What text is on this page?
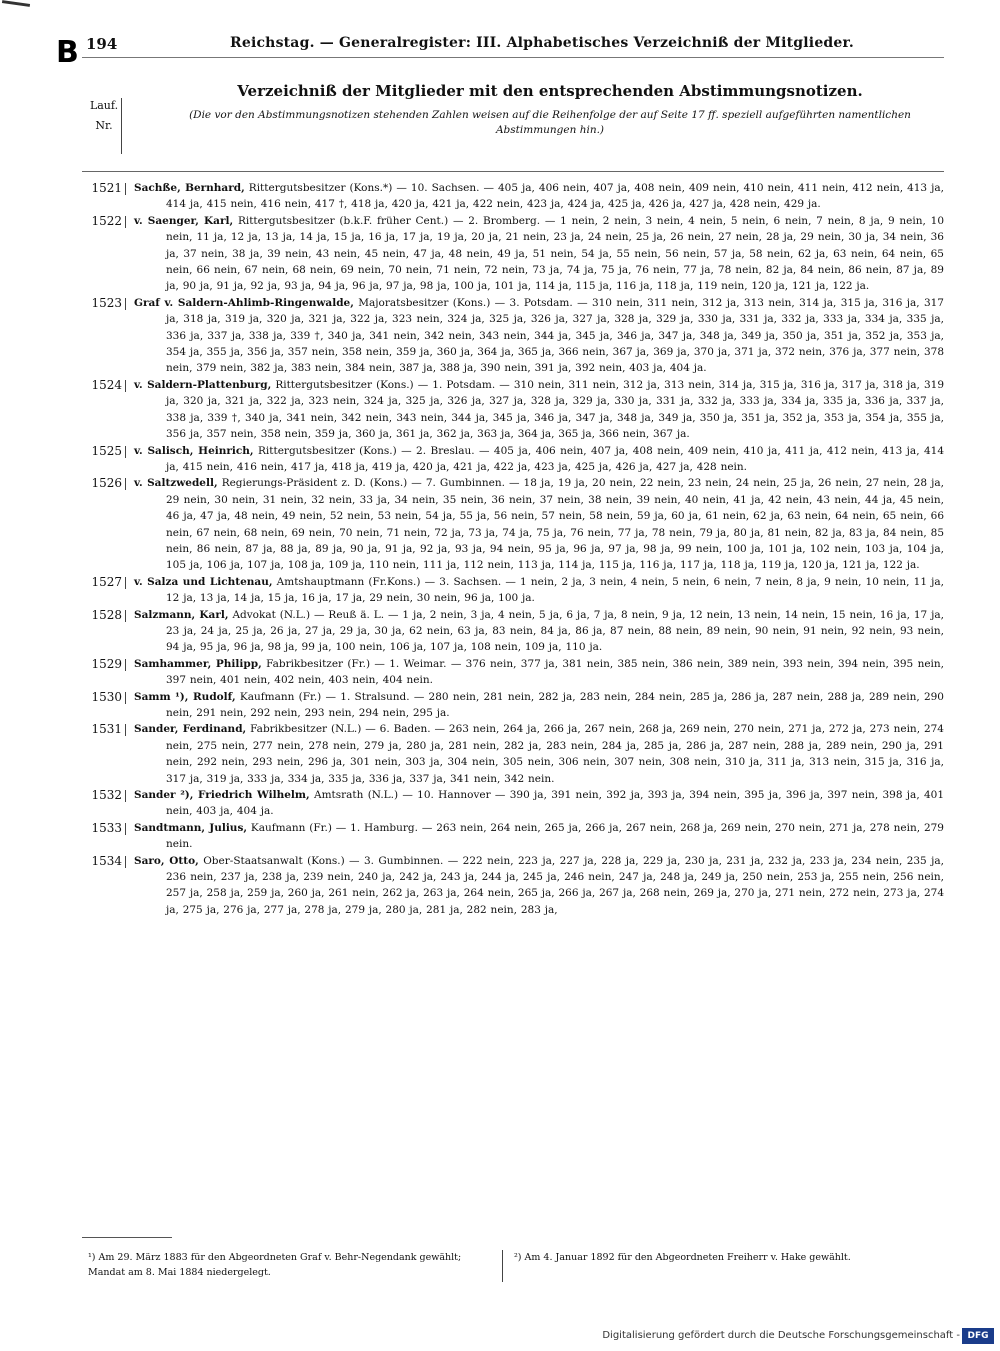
B 194	Reichstag. — Generalregister: III. Alphabetisches Verzeichniß der Mitglieder.
Lauf.
Nr.
Verzeichniß der Mitglieder mit den entsprechenden Abstimmungsnotizen.
(Die vor den Abstimmungsnotizen stehenden Zahlen weisen auf die Reihenfolge der auf Seite 17 ff. speziell aufgeführten namentlichen Abstimmungen hin.)
1521 Sachße, Bernhard, Rittergutsbesitzer (Kons.*) — 10. Sachsen. — 405 ja, 406 nein, 407 ja, 408 nein, 409 nein, 410 nein, 411 nein, 412 nein, 413 ja, 414 ja, 415 nein, 416 nein, 417 †, 418 ja, 420 ja, 421 ja, 422 nein, 423 ja, 424 ja, 425 ja, 426 ja, 427 ja, 428 nein, 429 ja.
1522 v. Saenger, Karl, Rittergutsbesitzer (b.k.F. früher Cent.) — 2. Bromberg. — 1 nein, 2 nein, 3 nein, 4 nein, 5 nein, 6 nein, 7 nein, 8 ja, 9 nein, 10 nein, 11 ja, 12 ja, 13 ja, 14 ja, 15 ja, 16 ja, 17 ja, 19 ja, 20 ja, 21 nein, 23 ja, 24 nein, 25 ja, 26 nein, 27 nein, 28 ja, 29 nein, 30 ja, 34 nein, 36 ja, 37 nein, 38 ja, 39 nein, 43 nein, 45 nein, 47 ja, 48 nein, 49 ja, 51 nein, 54 ja, 55 nein, 56 nein, 57 ja, 58 nein, 62 ja, 63 nein, 64 nein, 65 nein, 66 nein, 67 nein, 68 nein, 69 nein, 70 nein, 71 nein, 72 nein, 73 ja, 74 ja, 75 ja, 76 nein, 77 ja, 78 nein, 82 ja, 84 nein, 86 nein, 87 ja, 89 ja, 90 ja, 91 ja, 92 ja, 93 ja, 94 ja, 96 ja, 97 ja, 98 ja, 100 ja, 101 ja, 114 ja, 115 ja, 116 ja, 118 ja, 119 nein, 120 ja, 121 ja, 122 ja.
1523 Graf v. Saldern-Ahlimb-Ringenwalde, Majoratsbesitzer (Kons.) — 3. Potsdam. — 310 nein, 311 nein, 312 ja, 313 nein, 314 ja, 315 ja, 316 ja, 317 ja, 318 ja, 319 ja, 320 ja, 321 ja, 322 ja, 323 nein, 324 ja, 325 ja, 326 ja, 327 ja, 328 ja, 329 ja, 330 ja, 331 ja, 332 ja, 333 ja, 334 ja, 335 ja, 336 ja, 337 ja, 338 ja, 339 †, 340 ja, 341 nein, 342 nein, 343 nein, 344 ja, 345 ja, 346 ja, 347 ja, 348 ja, 349 ja, 350 ja, 351 ja, 352 ja, 353 ja, 354 ja, 355 ja, 356 ja, 357 nein, 358 nein, 359 ja, 360 ja, 364 ja, 365 ja, 366 nein, 367 ja, 369 ja, 370 ja, 371 ja, 372 nein, 376 ja, 377 nein, 378 nein, 379 nein, 382 ja, 383 nein, 384 nein, 387 ja, 388 ja, 390 nein, 391 ja, 392 nein, 403 ja, 404 ja.
1524 v. Saldern-Plattenburg, Rittergutsbesitzer (Kons.) — 1. Potsdam. — 310 nein, 311 nein, 312 ja, 313 nein, 314 ja, 315 ja, 316 ja, 317 ja, 318 ja, 319 ja, 320 ja, 321 ja, 322 ja, 323 nein, 324 ja, 325 ja, 326 ja, 327 ja, 328 ja, 329 ja, 330 ja, 331 ja, 332 ja, 333 ja, 334 ja, 335 ja, 336 ja, 337 ja, 338 ja, 339 †, 340 ja, 341 nein, 342 nein, 343 nein, 344 ja, 345 ja, 346 ja, 347 ja, 348 ja, 349 ja, 350 ja, 351 ja, 352 ja, 353 ja, 354 ja, 355 ja, 356 ja, 357 nein, 358 nein, 359 ja, 360 ja, 361 ja, 362 ja, 363 ja, 364 ja, 365 ja, 366 nein, 367 ja.
1525 v. Salisch, Heinrich, Rittergutsbesitzer (Kons.) — 2. Breslau. — 405 ja, 406 nein, 407 ja, 408 nein, 409 nein, 410 ja, 411 ja, 412 nein, 413 ja, 414 ja, 415 nein, 416 nein, 417 ja, 418 ja, 419 ja, 420 ja, 421 ja, 422 ja, 423 ja, 425 ja, 426 ja, 427 ja, 428 nein.
1526 v. Saltzwedell, Regierungs-Präsident z. D. (Kons.) — 7. Gumbinnen. — 18 ja, 19 ja, 20 nein, 22 nein, 23 nein, 24 nein, 25 ja, 26 nein, 27 nein, 28 ja, 29 nein, 30 nein, 31 nein, 32 nein, 33 ja, 34 nein, 35 nein, 36 nein, 37 nein, 38 nein, 39 nein, 40 nein, 41 ja, 42 nein, 43 nein, 44 ja, 45 nein, 46 ja, 47 ja, 48 nein, 49 nein, 52 nein, 53 nein, 54 ja, 55 ja, 56 nein, 57 nein, 58 nein, 59 ja, 60 ja, 61 nein, 62 ja, 63 nein, 64 nein, 65 nein, 66 nein, 67 nein, 68 nein, 69 nein, 70 nein, 71 nein, 72 ja, 73 ja, 74 ja, 75 ja, 76 nein, 77 ja, 78 nein, 79 ja, 80 ja, 81 nein, 82 ja, 83 ja, 84 nein, 85 nein, 86 nein, 87 ja, 88 ja, 89 ja, 90 ja, 91 ja, 92 ja, 93 ja, 94 nein, 95 ja, 96 ja, 97 ja, 98 ja, 99 nein, 100 ja, 101 ja, 102 nein, 103 ja, 104 ja, 105 ja, 106 ja, 107 ja, 108 ja, 109 ja, 110 nein, 111 ja, 112 nein, 113 ja, 114 ja, 115 ja, 116 ja, 117 ja, 118 ja, 119 ja, 120 ja, 121 ja, 122 ja.
1527 v. Salza und Lichtenau, Amtshauptmann (Fr.Kons.) — 3. Sachsen. — 1 nein, 2 ja, 3 nein, 4 nein, 5 nein, 6 nein, 7 nein, 8 ja, 9 nein, 10 nein, 11 ja, 12 ja, 13 ja, 14 ja, 15 ja, 16 ja, 17 ja, 29 nein, 30 nein, 96 ja, 100 ja.
1528 Salzmann, Karl, Advokat (N.L.) — Reuß ä. L. — 1 ja, 2 nein, 3 ja, 4 nein, 5 ja, 6 ja, 7 ja, 8 nein, 9 ja, 12 nein, 13 nein, 14 nein, 15 nein, 16 ja, 17 ja, 23 ja, 24 ja, 25 ja, 26 ja, 27 ja, 29 ja, 30 ja, 62 nein, 63 ja, 83 nein, 84 ja, 86 ja, 87 nein, 88 nein, 89 nein, 90 nein, 91 nein, 92 nein, 93 nein, 94 ja, 95 ja, 96 ja, 98 ja, 99 ja, 100 nein, 106 ja, 107 ja, 108 nein, 109 ja, 110 ja.
1529 Samhammer, Philipp, Fabrikbesitzer (Fr.) — 1. Weimar. — 376 nein, 377 ja, 381 nein, 385 nein, 386 nein, 389 nein, 393 nein, 394 nein, 395 nein, 397 nein, 401 nein, 402 nein, 403 nein, 404 nein.
1530 Samm ¹), Rudolf, Kaufmann (Fr.) — 1. Stralsund. — 280 nein, 281 nein, 282 ja, 283 nein, 284 nein, 285 ja, 286 ja, 287 nein, 288 ja, 289 nein, 290 nein, 291 nein, 292 nein, 293 nein, 294 nein, 295 ja.
1531 Sander, Ferdinand, Fabrikbesitzer (N.L.) — 6. Baden. — 263 nein, 264 ja, 266 ja, 267 nein, 268 ja, 269 nein, 270 nein, 271 ja, 272 ja, 273 nein, 274 nein, 275 nein, 277 nein, 278 nein, 279 ja, 280 ja, 281 nein, 282 ja, 283 nein, 284 ja, 285 ja, 286 ja, 287 nein, 288 ja, 289 nein, 290 ja, 291 nein, 292 nein, 293 nein, 296 ja, 301 nein, 303 ja, 304 nein, 305 nein, 306 nein, 307 nein, 308 nein, 310 ja, 311 ja, 313 nein, 315 ja, 316 ja, 317 ja, 319 ja, 333 ja, 334 ja, 335 ja, 336 ja, 337 ja, 341 nein, 342 nein.
1532 Sander ²), Friedrich Wilhelm, Amtsrath (N.L.) — 10. Hannover — 390 ja, 391 nein, 392 ja, 393 ja, 394 nein, 395 ja, 396 ja, 397 nein, 398 ja, 401 nein, 403 ja, 404 ja.
1533 Sandtmann, Julius, Kaufmann (Fr.) — 1. Hamburg. — 263 nein, 264 nein, 265 ja, 266 ja, 267 nein, 268 ja, 269 nein, 270 nein, 271 ja, 278 nein, 279 nein.
1534 Saro, Otto, Ober-Staatsanwalt (Kons.) — 3. Gumbinnen. — 222 nein, 223 ja, 227 ja, 228 ja, 229 ja, 230 ja, 231 ja, 232 ja, 233 ja, 234 nein, 235 ja, 236 nein, 237 ja, 238 ja, 239 nein, 240 ja, 242 ja, 243 ja, 244 ja, 245 ja, 246 nein, 247 ja, 248 ja, 249 ja, 250 nein, 253 ja, 255 nein, 256 nein, 257 ja, 258 ja, 259 ja, 260 ja, 261 nein, 262 ja, 263 ja, 264 nein, 265 ja, 266 ja, 267 ja, 268 nein, 269 ja, 270 ja, 271 nein, 272 nein, 273 ja, 274 ja, 275 ja, 276 ja, 277 ja, 278 ja, 279 ja, 280 ja, 281 ja, 282 nein, 283 ja,
¹) Am 29. März 1883 für den Abgeordneten Graf v. Behr-Negendank gewählt; Mandat am 8. Mai 1884 niedergelegt.
²) Am 4. Januar 1892 für den Abgeordneten Freiherr v. Hake gewählt.
Digitalisierung gefördert durch die Deutsche Forschungsgemeinschaft - DFG
